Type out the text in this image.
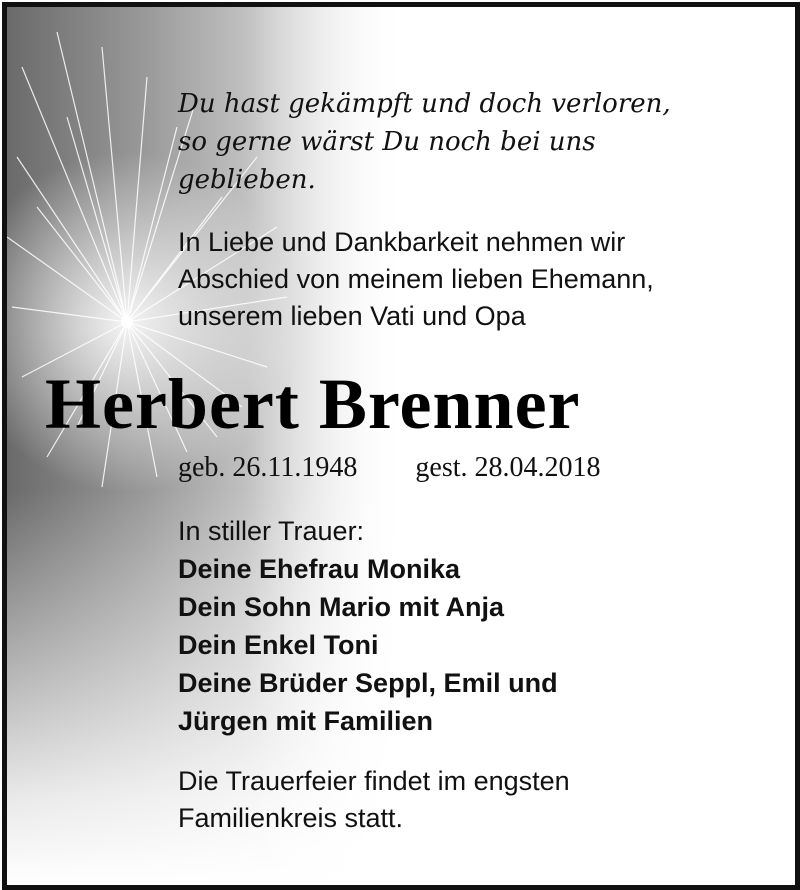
Du hast gekämpft und doch verloren,
so gerne wärst Du noch bei uns
geblieben.

In Liebe und Dankbarkeit nehmen wir
Abschied von meinem lieben Ehemann,
unserem lieben Vati und Opa

Herbert Brenner

geb. 26.11.1948 gest. 28.04.2018

In stiller Trauer:

Deine Ehefrau Monika
Dein Sohn Mario mit Anja
Dein Enkel Toni
Deine Brüder Seppl, Emil und
Jürgen mit Familien

Die Trauerfeier findet im engsten
Familienkreis statt.
